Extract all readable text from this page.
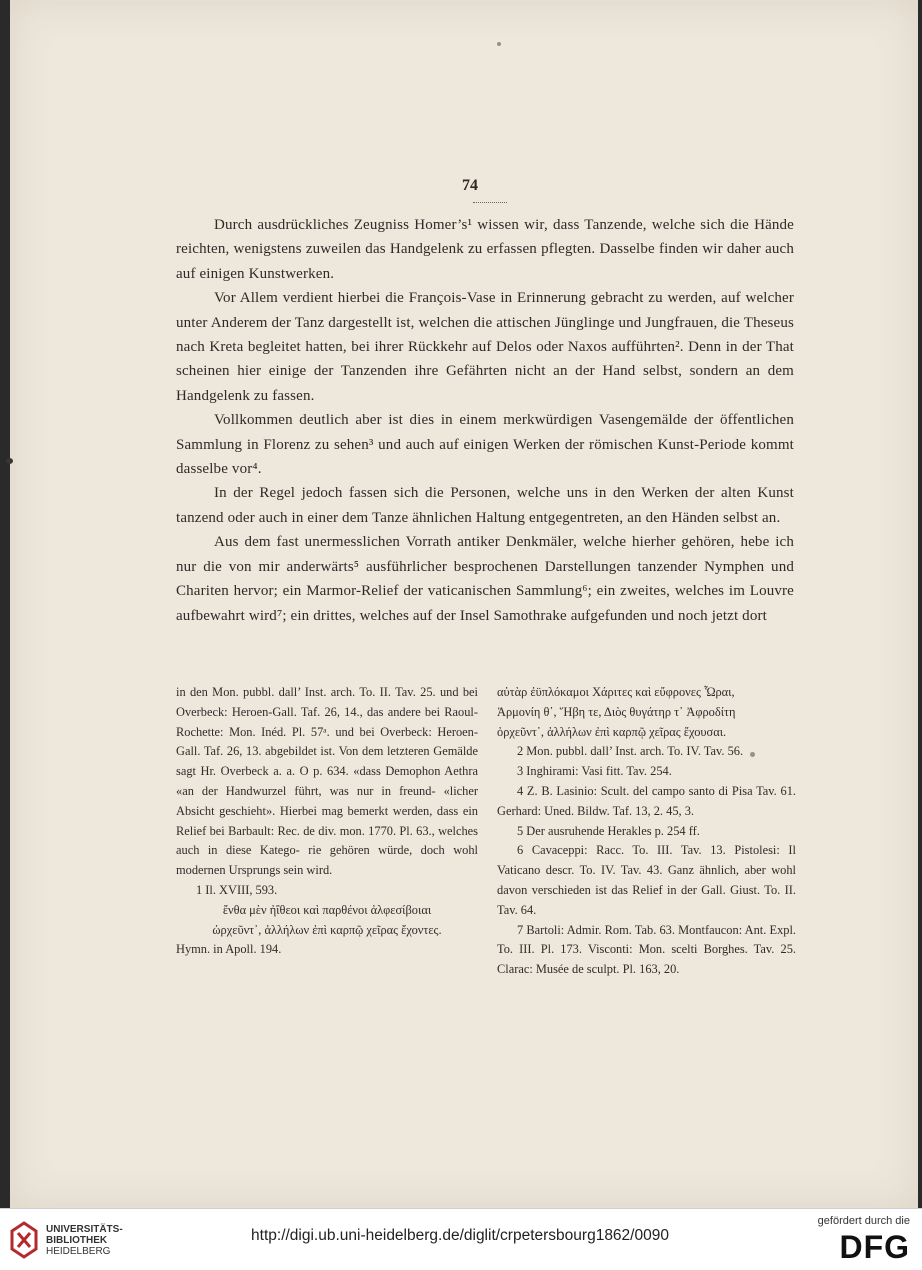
74

Durch ausdrückliches Zeugniss Homer’s¹ wissen wir, dass Tanzende, welche sich die Hände reichten, wenigstens zuweilen das Handgelenk zu erfassen pflegten. Dasselbe finden wir daher auch auf einigen Kunstwerken.

Vor Allem verdient hierbei die François-Vase in Erinnerung gebracht zu werden, auf welcher unter Anderem der Tanz dargestellt ist, welchen die attischen Jünglinge und Jungfrauen, die Theseus nach Kreta begleitet hatten, bei ihrer Rückkehr auf Delos oder Naxos aufführten². Denn in der That scheinen hier einige der Tanzenden ihre Gefährten nicht an der Hand selbst, sondern an dem Handgelenk zu fassen.

Vollkommen deutlich aber ist dies in einem merkwürdigen Vasengemälde der öffentlichen Sammlung in Florenz zu sehen³ und auch auf einigen Werken der römischen Kunst-Periode kommt dasselbe vor⁴.

In der Regel jedoch fassen sich die Personen, welche uns in den Werken der alten Kunst tanzend oder auch in einer dem Tanze ähnlichen Haltung entgegentreten, an den Händen selbst an.

Aus dem fast unermesslichen Vorrath antiker Denkmäler, welche hierher gehören, hebe ich nur die von mir anderwärts⁵ ausführlicher besprochenen Darstellungen tanzender Nymphen und Chariten hervor; ein Marmor-Relief der vaticanischen Sammlung⁶; ein zweites, welches im Louvre aufbewahrt wird⁷; ein drittes, welches auf der Insel Samothrake aufgefunden und noch jetzt dort

in den Mon. pubbl. dall’ Inst. arch. To. II. Tav. 25. und bei Overbeck: Heroen-Gall. Taf. 26, 14., das andere bei Raoul-Rochette: Mon. Inéd. Pl. 57ᵃ. und bei Overbeck: Heroen-Gall. Taf. 26, 13. abgebildet ist. Von dem letzteren Gemälde sagt Hr. Overbeck a. a. O p. 634. «dass Demophon Aethra «an der Handwurzel führt, was nur in freund- «licher Absicht geschieht». Hierbei mag bemerkt werden, dass ein Relief bei Barbault: Rec. de div. mon. 1770. Pl. 63., welches auch in diese Katego- rie gehören würde, doch wohl modernen Ursprungs sein wird.

1 Il. XVIII, 593.

ἔνθα μὲν ἠΐθεοι καὶ παρθένοι ἀλφεσίβοιαι

ὠρχεῦντ᾽, ἀλλήλων ἐπὶ καρπῷ χεῖρας ἔχοντες.

Hymn. in Apoll. 194.

αὐτὰρ ἐϋπλόκαμοι Χάριτες καὶ εὔφρονες Ὧραι,

Ἁρμονίη θ᾽, Ἥβη τε, Διὸς θυγάτηρ τ᾽ Ἀφροδίτη

ὀρχεῦντ᾽, ἀλλήλων ἐπὶ καρπῷ χεῖρας ἔχουσαι.

2 Mon. pubbl. dall’ Inst. arch. To. IV. Tav. 56.

3 Inghirami: Vasi fitt. Tav. 254.

4 Z. B. Lasinio: Scult. del campo santo di Pisa Tav. 61. Gerhard: Uned. Bildw. Taf. 13, 2. 45, 3.

5 Der ausruhende Herakles p. 254 ff.

6 Cavaceppi: Racc. To. III. Tav. 13. Pistolesi: Il Vaticano descr. To. IV. Tav. 43. Ganz ähnlich, aber wohl davon verschieden ist das Relief in der Gall. Giust. To. II. Tav. 64.

7 Bartoli: Admir. Rom. Tab. 63. Montfaucon: Ant. Expl. To. III. Pl. 173. Visconti: Mon. scelti Borghes. Tav. 25. Clarac: Musée de sculpt. Pl. 163, 20.

UNIVERSITÄTS-
BIBLIOTHEK
HEIDELBERG
http://digi.ub.uni-heidelberg.de/diglit/crpetersbourg1862/0090
gefördert durch die
DFG
